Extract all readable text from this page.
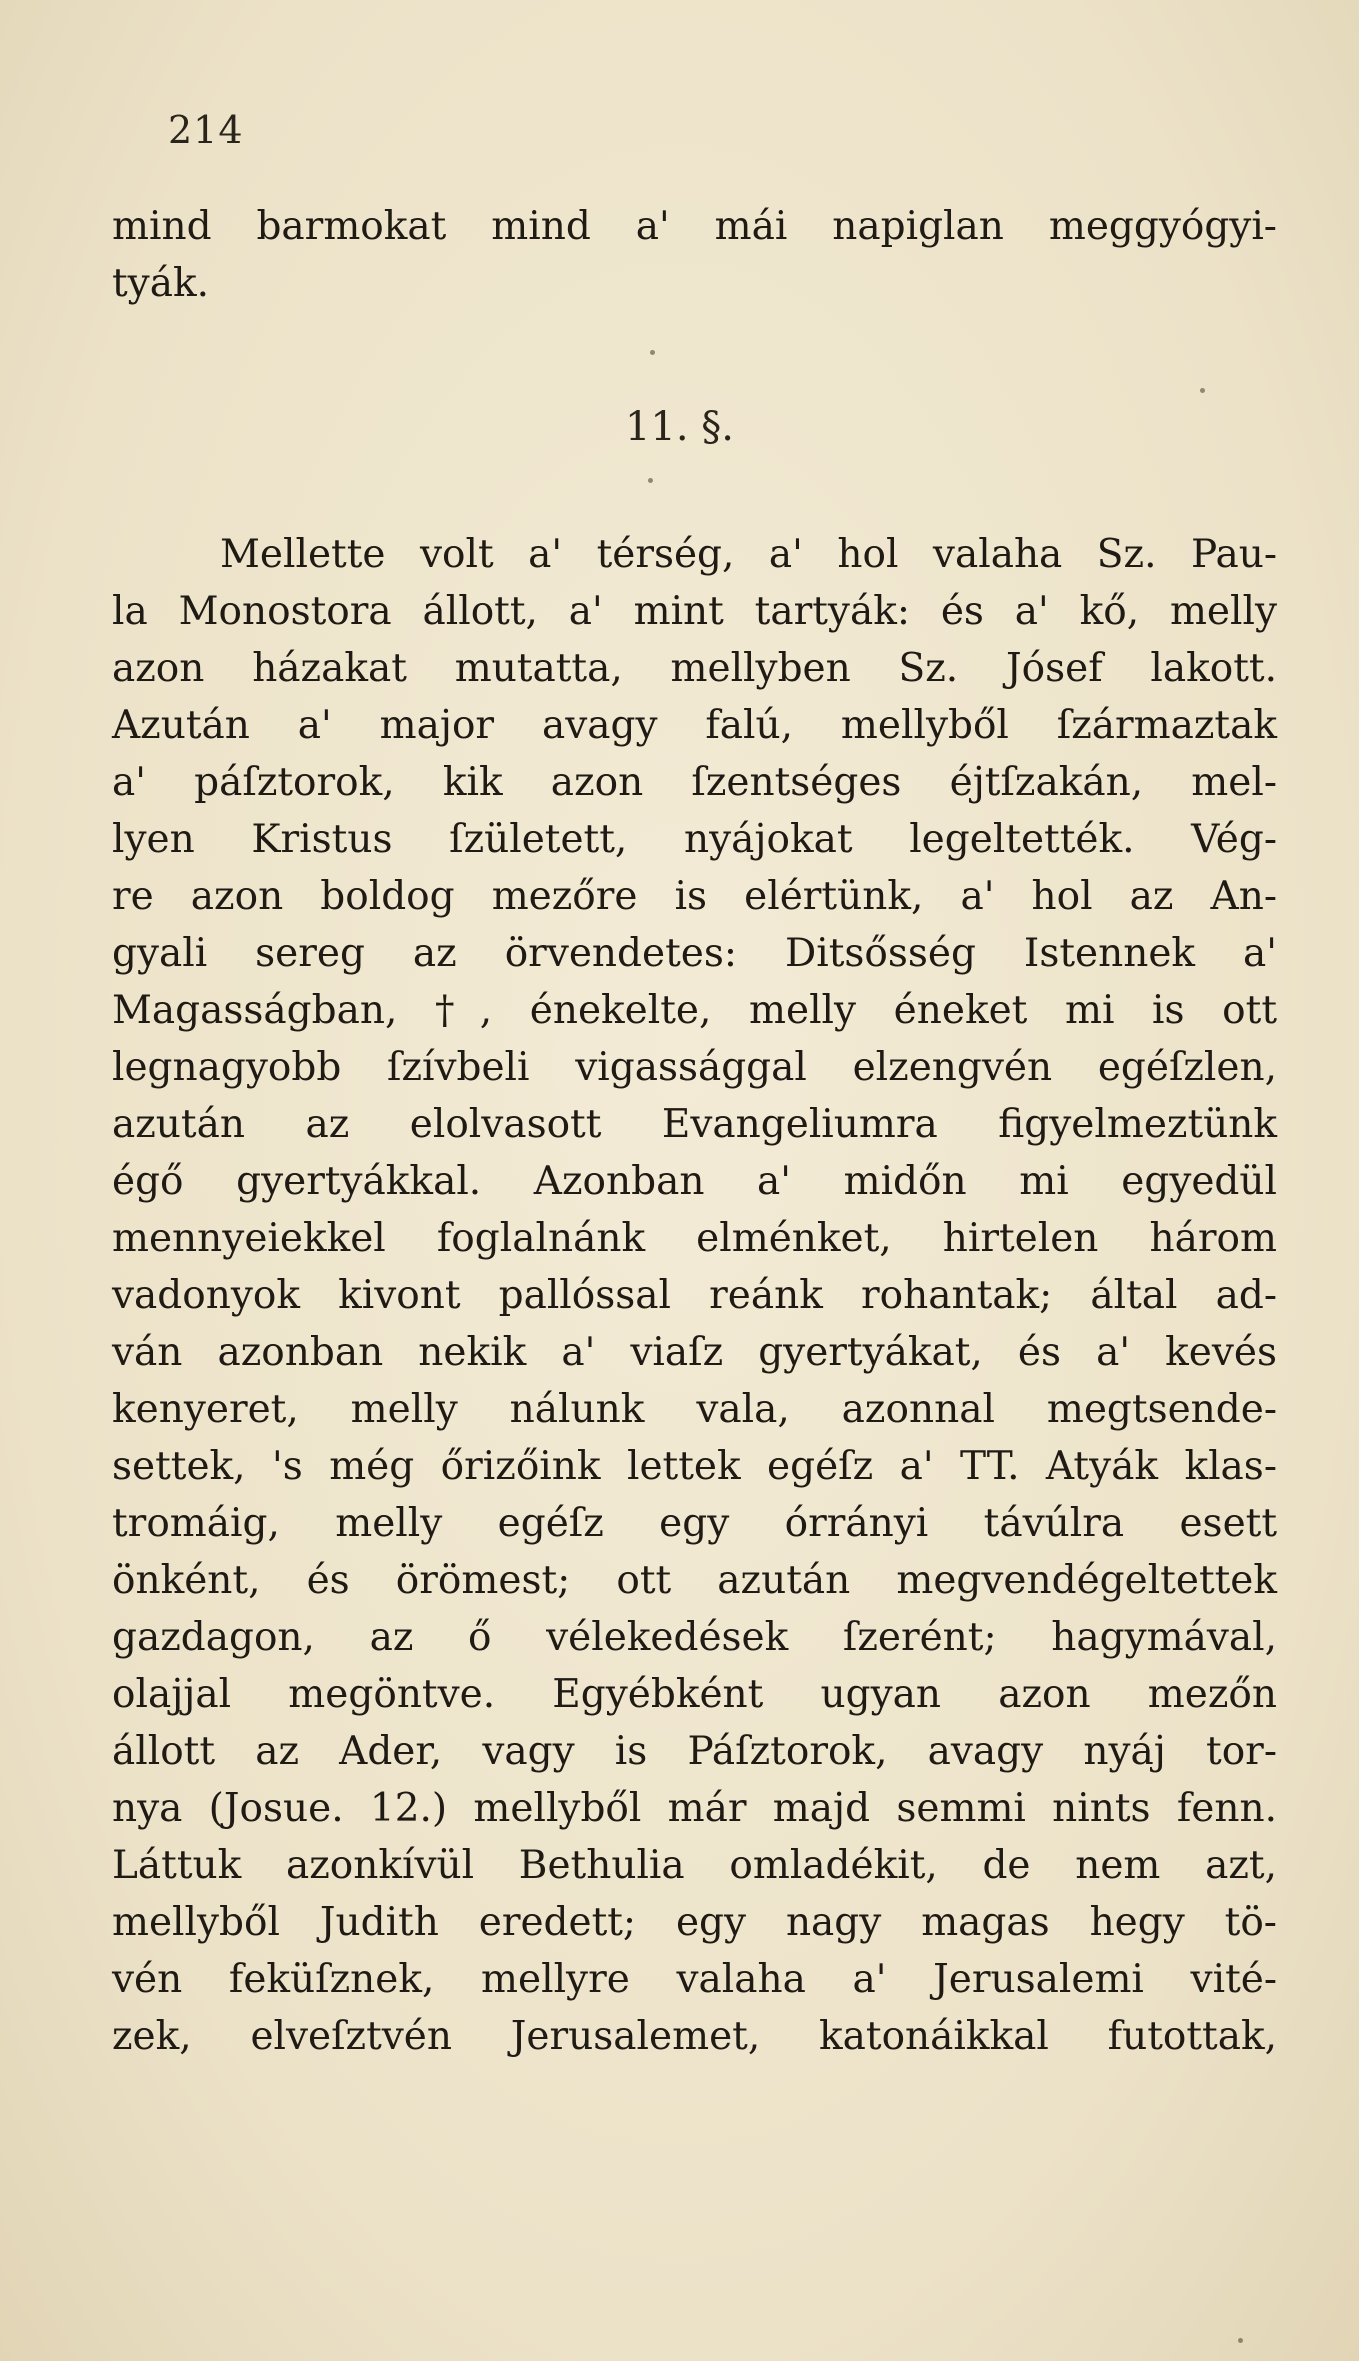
214
mind barmokat mind a' mái napiglan meggyógyi-
tyák.
11. §.
Mellette volt a' térség, a' hol valaha Sz. Pau-
la Monostora állott, a' mint tartyák: és a' kő, melly
azon házakat mutatta, mellyben Sz. Jósef lakott.
Azután a' major avagy falú, mellyből ſzármaztak
a' páſztorok, kik azon ſzentséges éjtſzakán, mel-
lyen Kristus ſzületett, nyájokat legeltették. Vég-
re azon boldog mezőre is elértünk, a' hol az An-
gyali sereg az örvendetes: Ditsősség Istennek a'
Magasságban, †, énekelte, melly éneket mi is ott
legnagyobb ſzívbeli vigassággal elzengvén egéſzlen,
azután az elolvasott Evangeliumra figyelmeztünk
égő gyertyákkal. Azonban a' midőn mi egyedül
mennyeiekkel foglalnánk elménket, hirtelen három
vadonyok kivont pallóssal reánk rohantak; által ad-
ván azonban nekik a' viaſz gyertyákat, és a' kevés
kenyeret, melly nálunk vala, azonnal megtsende-
settek, 's még őrizőink lettek egéſz a' TT. Atyák klas-
tromáig, melly egéſz egy órrányi távúlra esett
önként, és örömest; ott azután megvendégeltettek
gazdagon, az ő vélekedések ſzerént; hagymával,
olajjal megöntve. Egyébként ugyan azon mezőn
állott az Ader, vagy is Páſztorok, avagy nyáj tor-
nya (Josue. 12.) mellyből már majd semmi nints fenn.
Láttuk azonkívül Bethulia omladékit, de nem azt,
mellyből Judith eredett; egy nagy magas hegy tö-
vén feküſznek, mellyre valaha a' Jerusalemi vité-
zek, elveſztvén Jerusalemet, katonáikkal futottak,
